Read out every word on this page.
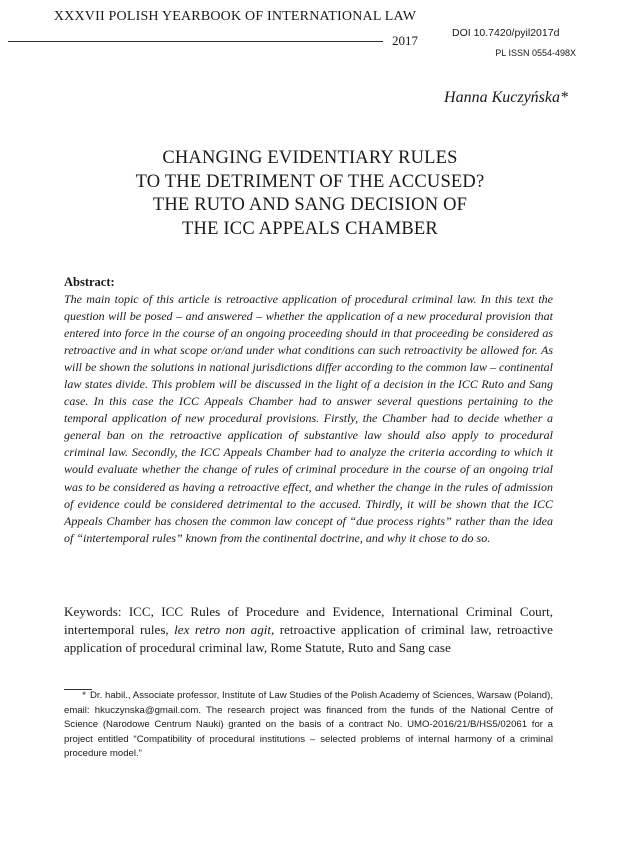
XXXVII POLISH YEARBOOK OF INTERNATIONAL LAW
2017	DOI 10.7420/pyil2017d
PL ISSN 0554-498X
Hanna Kuczyńska*
CHANGING EVIDENTIARY RULES
TO THE DETRIMENT OF THE ACCUSED?
THE RUTO AND SANG DECISION OF
THE ICC APPEALS CHAMBER
Abstract:

The main topic of this article is retroactive application of procedural criminal law. In this text the question will be posed – and answered – whether the application of a new procedural provision that entered into force in the course of an ongoing proceeding should in that proceeding be considered as retroactive and in what scope or/and under what conditions can such retroactivity be allowed for. As will be shown the solutions in national jurisdictions differ according to the common law – continental law states divide. This problem will be discussed in the light of a decision in the ICC Ruto and Sang case. In this case the ICC Appeals Chamber had to answer several questions pertaining to the temporal application of new procedural provisions. Firstly, the Chamber had to decide whether a general ban on the retroactive application of substantive law should also apply to procedural criminal law. Secondly, the ICC Appeals Chamber had to analyze the criteria according to which it would evaluate whether the change of rules of criminal procedure in the course of an ongoing trial was to be considered as having a retroactive effect, and whether the change in the rules of admission of evidence could be considered detrimental to the accused. Thirdly, it will be shown that the ICC Appeals Chamber has chosen the common law concept of “due process rights” rather than the idea of “intertemporal rules” known from the continental doctrine, and why it chose to do so.

Keywords: ICC, ICC Rules of Procedure and Evidence, International Criminal Court, intertemporal rules, lex retro non agit, retroactive application of criminal law, retroactive application of procedural criminal law, Rome Statute, Ruto and Sang case

* Dr. habil., Associate professor, Institute of Law Studies of the Polish Academy of Sciences, Warsaw (Poland), email: hkuczynska@gmail.com. The research project was financed from the funds of the National Centre of Science (Narodowe Centrum Nauki) granted on the basis of a contract No. UMO-2016/21/B/HS5/02061 for a project entitled “Compatibility of procedural institutions – selected problems of internal harmony of a criminal procedure model.”
